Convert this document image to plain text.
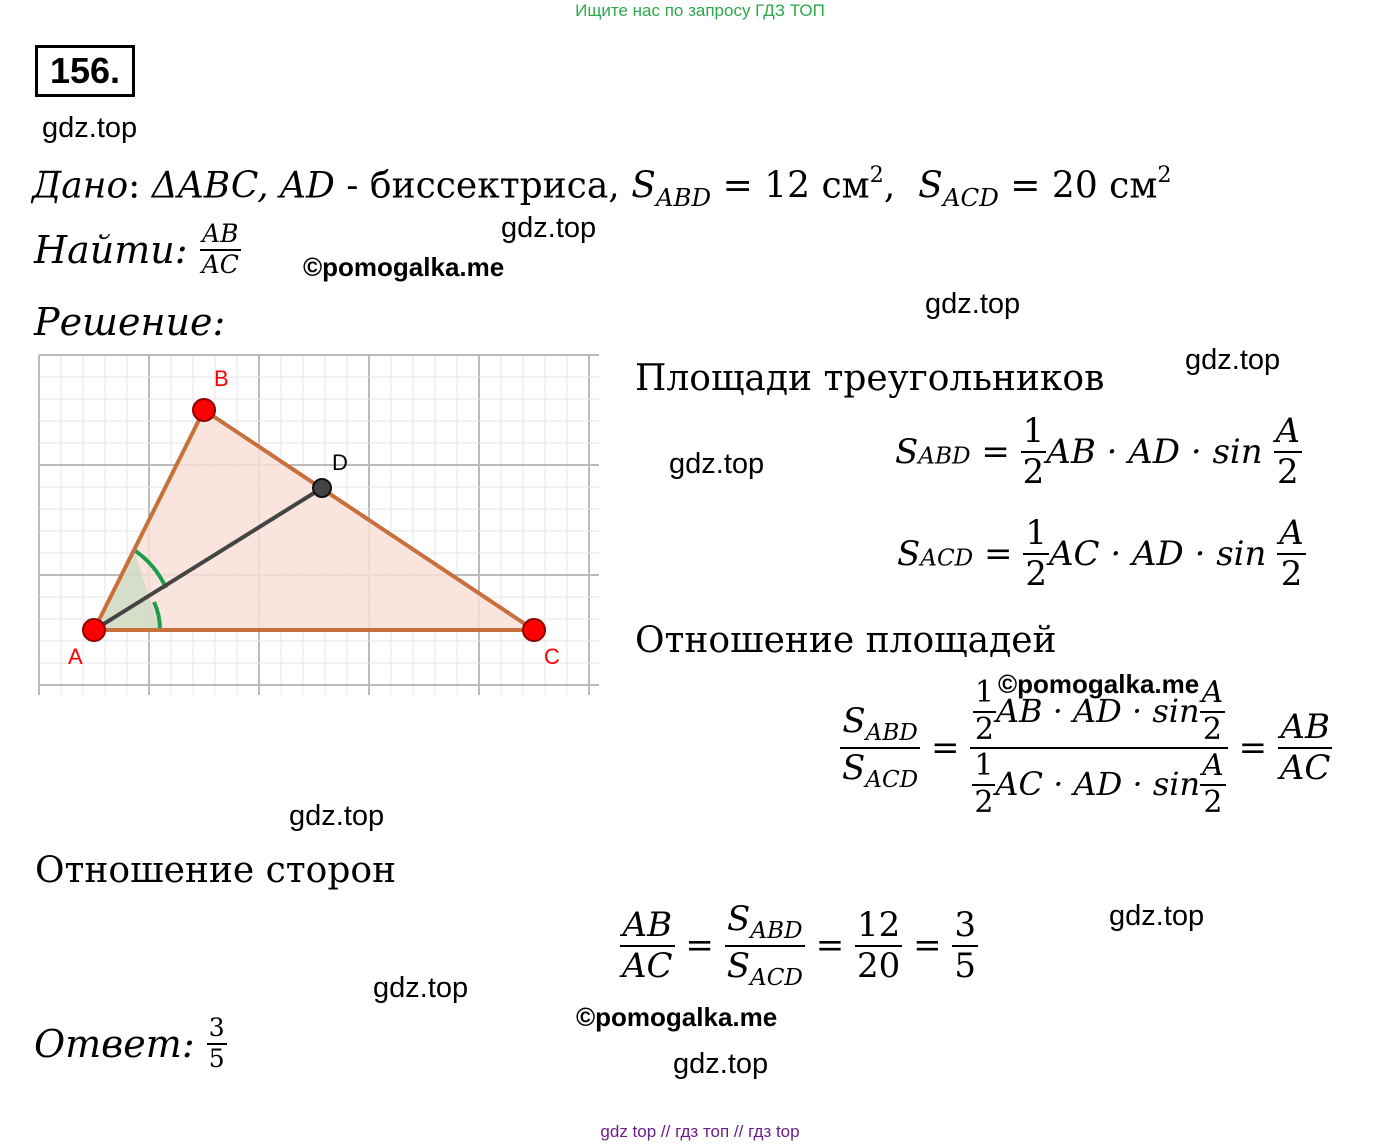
Ищите нас по запросу ГДЗ ТОП
gdz top // гдз топ // гдз top
156.
gdz.top
gdz.top
gdz.top
gdz.top
gdz.top
gdz.top
gdz.top
gdz.top
gdz.top
©pomogalka.me
©pomogalka.me
©pomogalka.me
Дано: ΔABC, AD - биссектриса, $S_{ABD} = 12$ $см^2$,  $S_{ACD} = 20$ $см^2$
Найти: $\frac{AB}{AC}$
Решение:
A
B
C
D
Площади треугольников
$S_{ABD} = \frac{1}{2}$ AB · AD · $\sin \frac{A}{2}$
$S_{ACD} = \frac{1}{2}$ AC · AD · $\sin \frac{A}{2}$
Отношение площадей
$\frac{S_{ABD}}{S_{ACD}} = \frac{\frac{1}{2} AB \cdot AD \cdot \sin \frac{A}{2}}{\frac{1}{2} AC \cdot AD \cdot \sin \frac{A}{2}} = \frac{AB}{AC}$
Отношение сторон
$\frac{AB}{AC} = \frac{S_{ABD}}{S_{ACD}} = \frac{12}{20} = \frac{3}{5}$
Ответ: $\frac{3}{5}$
